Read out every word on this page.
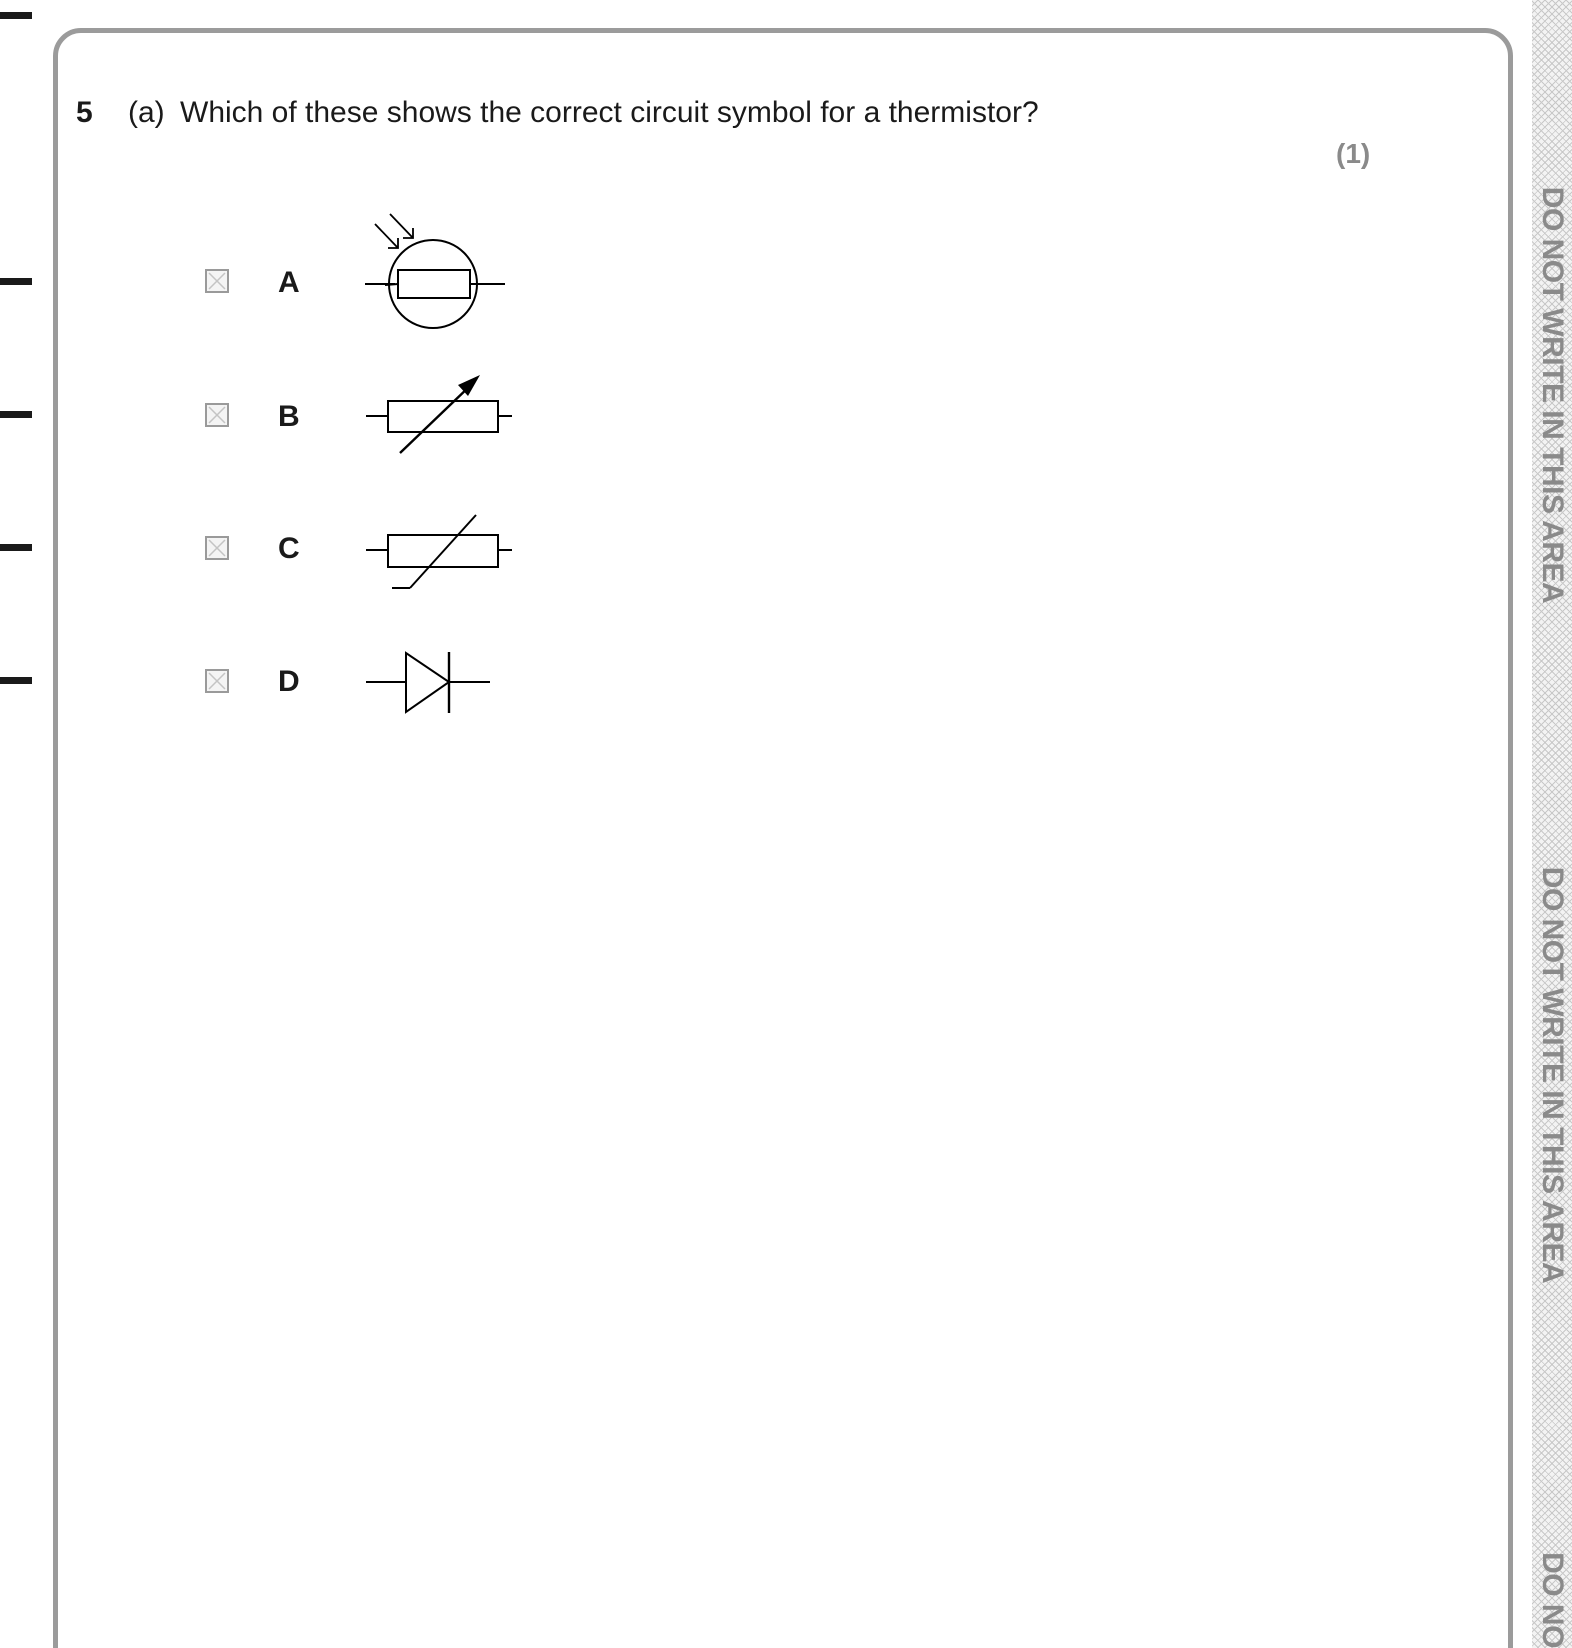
DO NOT WRITE IN THIS AREA
DO NOT WRITE IN THIS AREA
DO NO
5 (a) Which of these shows the correct circuit symbol for a thermistor?
(1)
A
B
C
D
